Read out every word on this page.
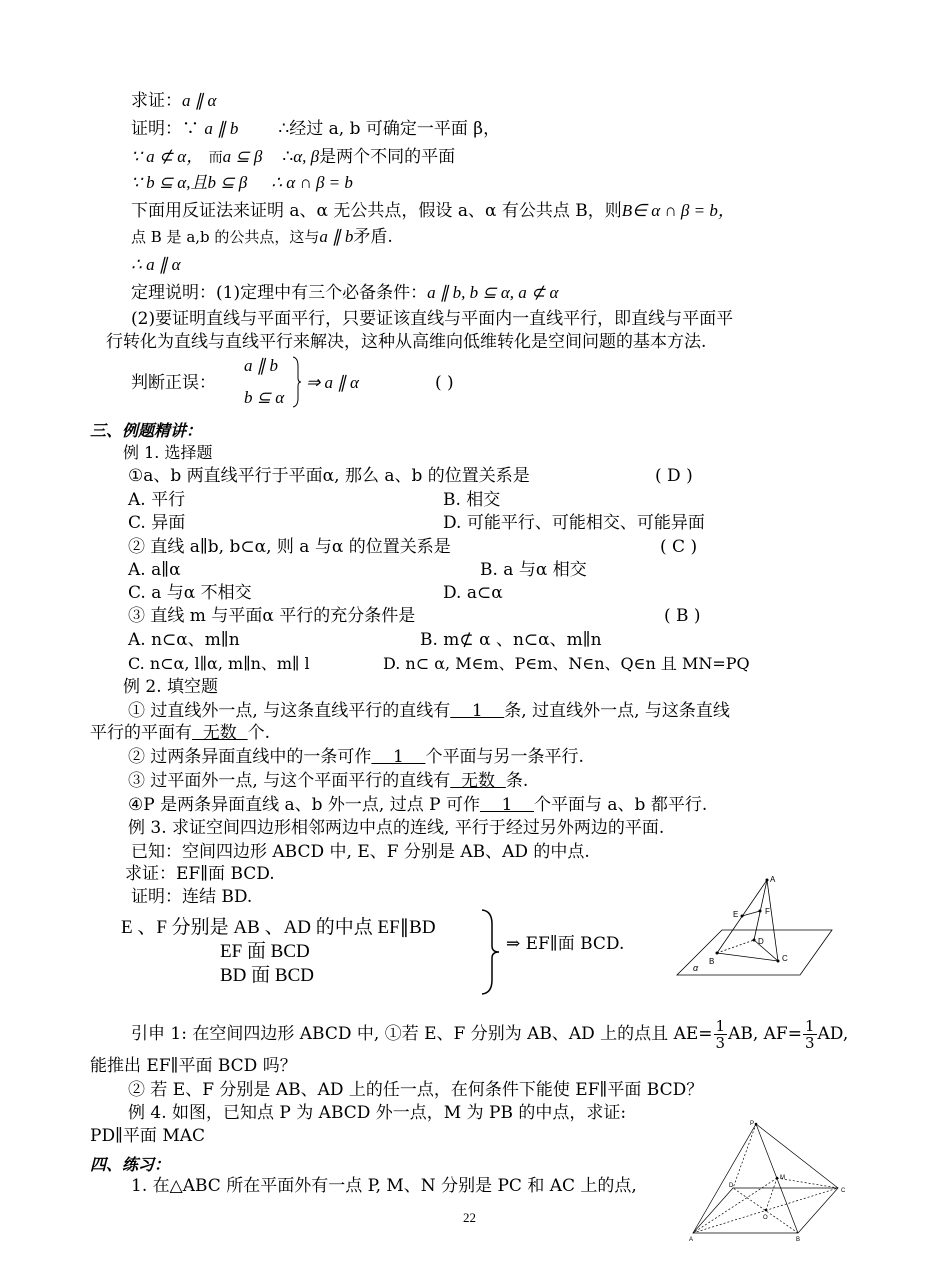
求证：a ∥ α
证明：∵ a ∥ b ∴经过 a, b 可确定一平面 β，
∵ a ⊄ α， 而a ⊆ β ∴α, β是两个不同的平面
∵ b ⊆ α,且b ⊆ β ∴ α ∩ β = b
下面用反证法来证明 a、α 无公共点，假设 a、α 有公共点 B，则B∈ α ∩ β = b，
点 B 是 a,b 的公共点，这与a ∥ b矛盾.
∴ a ∥ α
定理说明：(1)定理中有三个必备条件：a ∥ b, b ⊆ α, a ⊄ α
(2)要证明直线与平面平行，只要证该直线与平面内一直线平行，即直线与平面平
行转化为直线与直线平行来解决，这种从高维向低维转化是空间问题的基本方法.
判断正误：
a ∥ b
b ⊆ α
⇒ a ∥ α	( )
三、例题精讲：
例 1. 选择题
①a、b 两直线平行于平面α, 那么 a、b 的位置关系是	( D )
A. 平行	B. 相交
C. 异面	D. 可能平行、可能相交、可能异面
② 直线 a∥b, b⊂α, 则 a 与α 的位置关系是	( C )
A. a∥α	B. a 与α 相交
C. a 与α 不相交	D. a⊂α
③ 直线 m 与平面α 平行的充分条件是	( B )
A. n⊂α、m∥n	B. m⊄ α 、n⊂α、m∥n
C. n⊂α, l∥α, m∥n、m∥ l	D. n⊂ α, M∈m、P∈m、N∈n、Q∈n 且 MN=PQ
例 2. 填空题
① 过直线外一点, 与这条直线平行的直线有    1    条, 过直线外一点, 与这条直线
平行的平面有  无数  个.
② 过两条异面直线中的一条可作    1    个平面与另一条平行.
③ 过平面外一点, 与这个平面平行的直线有  无数  条.
④P 是两条异面直线 a、b 外一点, 过点 P 可作    1    个平面与 a、b 都平行.
例 3. 求证空间四边形相邻两边中点的连线, 平行于经过另外两边的平面.
已知：空间四边形 ABCD 中, E、F 分别是 AB、AD 的中点.
求证：EF∥面 BCD.
证明：连结 BD.
E 、F 分别是 AB 、AD 的中点 EF∥BD
EF 面 BCD
BD 面 BCD
⇒ EF∥面 BCD.
A
E	F
D
B	C
α
引申 1: 在空间四边形 ABCD 中, ①若 E、F 分别为 AB、AD 上的点且 $AE= \frac{1}{3}$ AB, $AF= \frac{1}{3}$ AD,
能推出 EF∥平面 BCD 吗？
② 若 E、F 分别是 AB、AD 上的任一点，在何条件下能使 EF∥平面 BCD？
例 4. 如图，已知点 P 为 ABCD 外一点，M 为 PB 的中点，求证:
PD∥平面 MAC
P
M
D
C
O
A	B
四、练习：
1. 在△ABC 所在平面外有一点 P, M、N 分别是 PC 和 AC 上的点,
22
